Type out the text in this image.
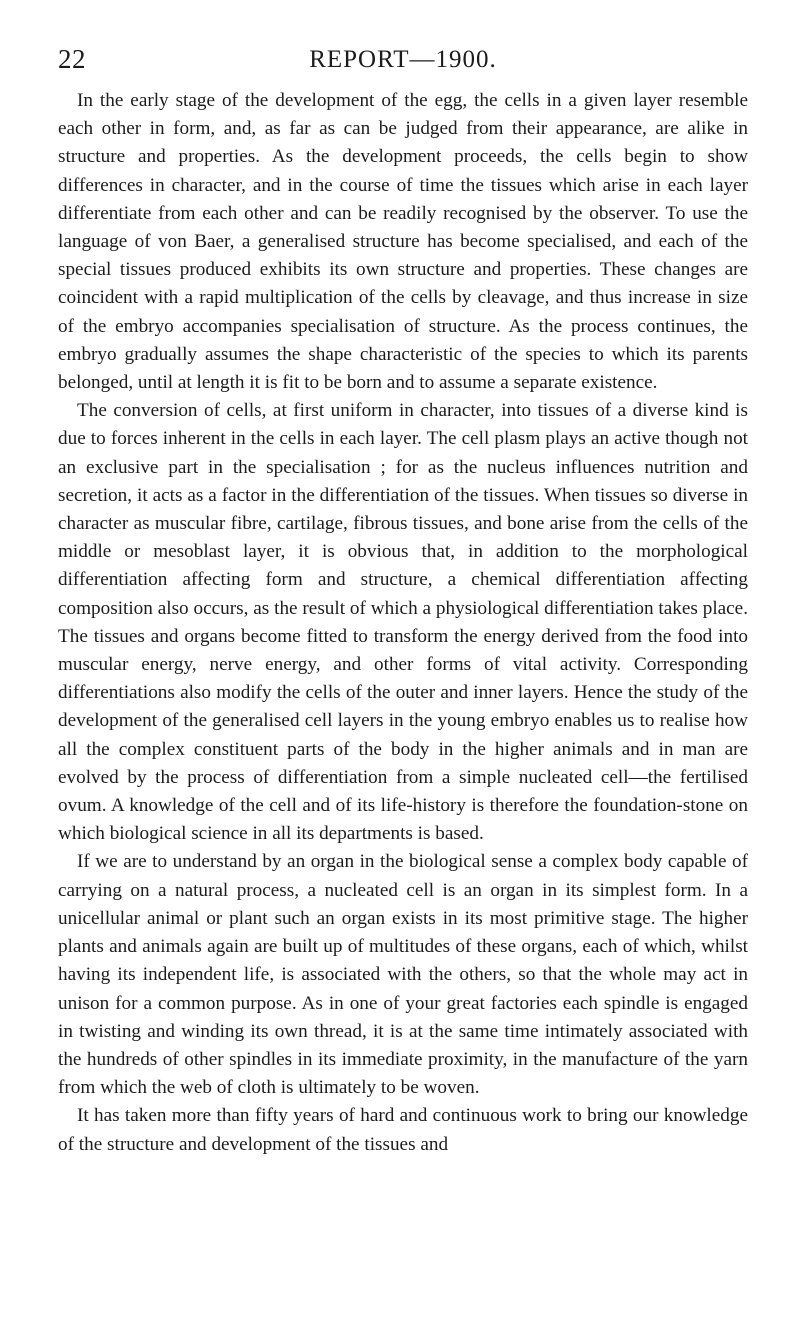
22	REPORT—1900.

In the early stage of the development of the egg, the cells in a given layer resemble each other in form, and, as far as can be judged from their appearance, are alike in structure and properties. As the development proceeds, the cells begin to show differences in character, and in the course of time the tissues which arise in each layer differentiate from each other and can be readily recognised by the observer. To use the language of von Baer, a generalised structure has become specialised, and each of the special tissues produced exhibits its own structure and properties. These changes are coincident with a rapid multiplication of the cells by cleavage, and thus increase in size of the embryo accompanies specialisation of structure. As the process continues, the embryo gradually assumes the shape characteristic of the species to which its parents belonged, until at length it is fit to be born and to assume a separate existence.

The conversion of cells, at first uniform in character, into tissues of a diverse kind is due to forces inherent in the cells in each layer. The cell plasm plays an active though not an exclusive part in the specialisation ; for as the nucleus influences nutrition and secretion, it acts as a factor in the differentiation of the tissues. When tissues so diverse in character as muscular fibre, cartilage, fibrous tissues, and bone arise from the cells of the middle or mesoblast layer, it is obvious that, in addition to the morphological differentiation affecting form and structure, a chemical differentiation affecting composition also occurs, as the result of which a physiological differentiation takes place. The tissues and organs become fitted to transform the energy derived from the food into muscular energy, nerve energy, and other forms of vital activity. Corresponding differentiations also modify the cells of the outer and inner layers. Hence the study of the development of the generalised cell layers in the young embryo enables us to realise how all the complex constituent parts of the body in the higher animals and in man are evolved by the process of differentiation from a simple nucleated cell—the fertilised ovum. A knowledge of the cell and of its life-history is therefore the foundation-stone on which biological science in all its departments is based.

If we are to understand by an organ in the biological sense a complex body capable of carrying on a natural process, a nucleated cell is an organ in its simplest form. In a unicellular animal or plant such an organ exists in its most primitive stage. The higher plants and animals again are built up of multitudes of these organs, each of which, whilst having its independent life, is associated with the others, so that the whole may act in unison for a common purpose. As in one of your great factories each spindle is engaged in twisting and winding its own thread, it is at the same time intimately associated with the hundreds of other spindles in its immediate proximity, in the manufacture of the yarn from which the web of cloth is ultimately to be woven.

It has taken more than fifty years of hard and continuous work to bring our knowledge of the structure and development of the tissues and
